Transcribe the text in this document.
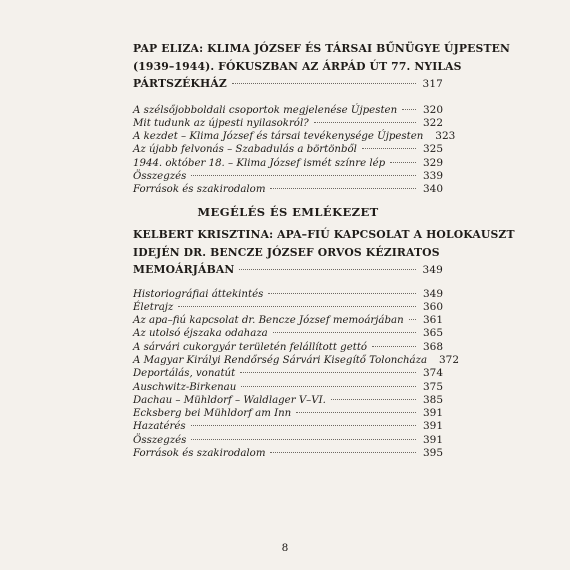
PAP ELIZA: KLIMA JÓZSEF ÉS TÁRSAI BŰNÜGYE ÚJPESTEN
(1939–1944). FÓKUSZBAN AZ ÁRPÁD ÚT 77. NYILAS
PÁRTSZÉKHÁZ	317
A szélsőjobboldali csoportok megjelenése Újpesten 320
Mit tudunk az újpesti nyilasokról?	322
A kezdet – Klima József és társai tevékenysége Újpesten 323
Az újabb felvonás – Szabadulás a börtönből	325
1944. október 18. – Klima József ismét színre lép	329
Összegzés	339
Források és szakirodalom	340
MEGÉLÉS ÉS EMLÉKEZET
KELBERT KRISZTINA: APA–FIÚ KAPCSOLAT A HOLOKAUSZT
IDEJÉN DR. BENCZE JÓZSEF ORVOS KÉZIRATOS
MEMOÁRJÁBAN	349
Historiográfiai áttekintés	349
Életrajz	360
Az apa–fiú kapcsolat dr. Bencze József memoárjában 361
Az utolsó éjszaka odahaza	365
A sárvári cukorgyár területén felállított gettó	368
A Magyar Királyi Rendőrség Sárvári Kisegítő Toloncháza 372
Deportálás, vonatút	374
Auschwitz-Birkenau	375
Dachau – Mühldorf – Waldlager V–VI.	385
Ecksberg bei Mühldorf am Inn	391
Hazatérés	391
Összegzés	391
Források és szakirodalom	395
8
